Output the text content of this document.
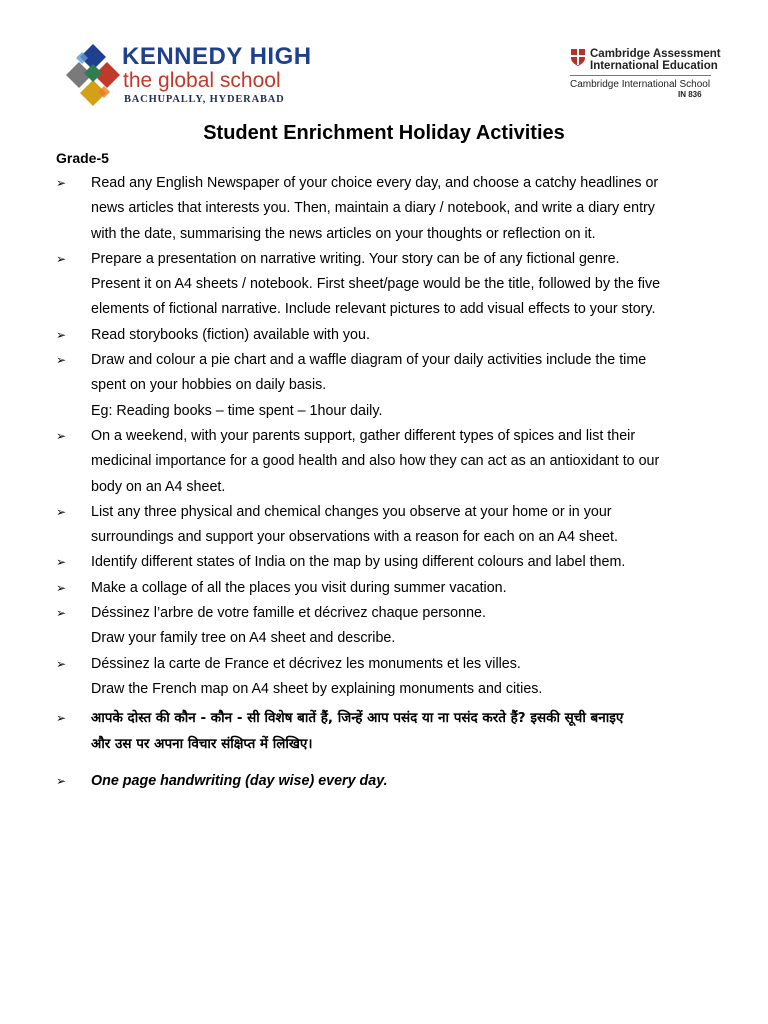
KENNEDY HIGH
the global school
BACHUPALLY, HYDERABAD
Cambridge Assessment
International Education
Cambridge International School
IN 836
Student Enrichment Holiday Activities
Grade-5
➢ Read any English Newspaper of your choice every day, and choose a catchy headlines or
news articles that interests you. Then, maintain a diary / notebook, and write a diary entry
with the date, summarising the news articles on your thoughts or reflection on it.
➢ Prepare a presentation on narrative writing. Your story can be of any fictional genre.
Present it on A4 sheets / notebook. First sheet/page would be the title, followed by the five
elements of fictional narrative. Include relevant pictures to add visual effects to your story.
➢ Read storybooks (fiction) available with you.
➢ Draw and colour a pie chart and a waffle diagram of your daily activities include the time
spent on your hobbies on daily basis.
Eg: Reading books – time spent – 1hour daily.
➢ On a weekend, with your parents support, gather different types of spices and list their
medicinal importance for a good health and also how they can act as an antioxidant to our
body on an A4 sheet.
➢ List any three physical and chemical changes you observe at your home or in your
surroundings and support your observations with a reason for each on an A4 sheet.
➢ Identify different states of India on the map by using different colours and label them.
➢ Make a collage of all the places you visit during summer vacation.
➢ Déssinez l’arbre de votre famille et décrivez chaque personne.
Draw your family tree on A4 sheet and describe.
➢ Déssinez la carte de France et décrivez les monuments et les villes.
Draw the French map on A4 sheet by explaining monuments and cities.
➢ आपके दोस्त की कौन - कौन - सी विशेष बातें हैं, जिन्हें आप पसंद या ना पसंद करते हैं? इसकी सूची बनाइए
और उस पर अपना विचार संक्षिप्त में लिखिए।
➢ One page handwriting (day wise) every day.
